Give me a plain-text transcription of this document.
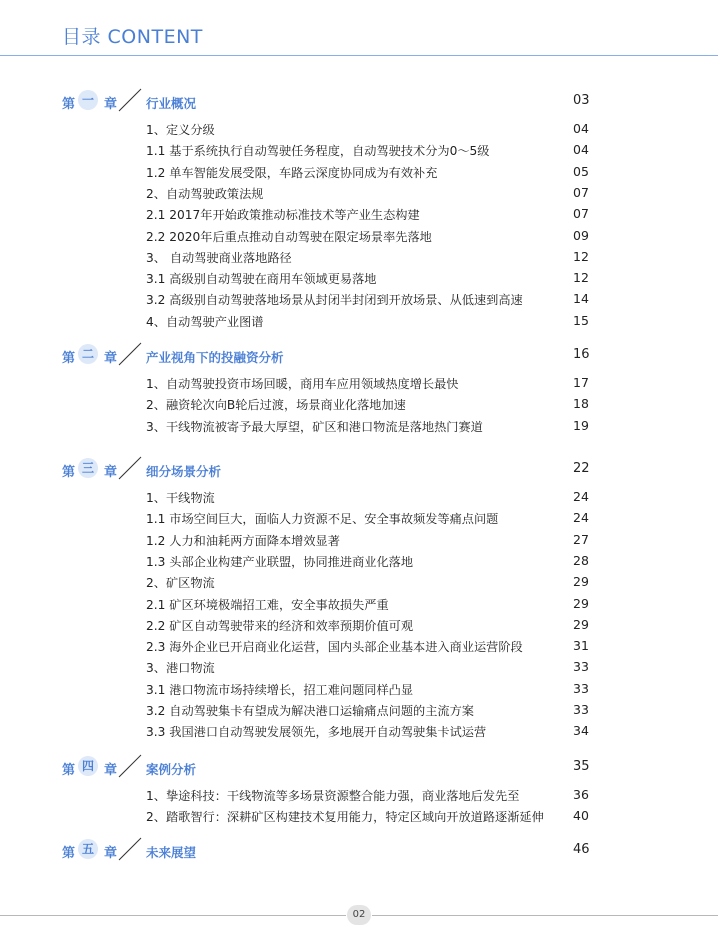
目录 CONTENT
第 一 章 行业概况	03
1、定义分级	04
1.1 基于系统执行自动驾驶任务程度，自动驾驶技术分为0～5级	04
1.2 单车智能发展受限，车路云深度协同成为有效补充	05
2、自动驾驶政策法规	07
2.1 2017年开始政策推动标准技术等产业生态构建	07
2.2 2020年后重点推动自动驾驶在限定场景率先落地	09
3、 自动驾驶商业落地路径	12
3.1 高级别自动驾驶在商用车领域更易落地	12
3.2 高级别自动驾驶落地场景从封闭半封闭到开放场景、从低速到高速	14
4、自动驾驶产业图谱	15
第 二 章 产业视角下的投融资分析	16
1、自动驾驶投资市场回暖，商用车应用领域热度增长最快	17
2、融资轮次向B轮后过渡，场景商业化落地加速	18
3、干线物流被寄予最大厚望，矿区和港口物流是落地热门赛道	19
第 三 章 细分场景分析	22
1、干线物流	24
1.1 市场空间巨大，面临人力资源不足、安全事故频发等痛点问题	24
1.2 人力和油耗两方面降本增效显著	27
1.3 头部企业构建产业联盟，协同推进商业化落地	28
2、矿区物流	29
2.1 矿区环境极端招工难，安全事故损失严重	29
2.2 矿区自动驾驶带来的经济和效率预期价值可观	29
2.3 海外企业已开启商业化运营，国内头部企业基本进入商业运营阶段	31
3、港口物流	33
3.1 港口物流市场持续增长，招工难问题同样凸显	33
3.2 自动驾驶集卡有望成为解决港口运输痛点问题的主流方案	33
3.3 我国港口自动驾驶发展领先，多地展开自动驾驶集卡试运营	34
第 四 章 案例分析	35
1、挚途科技：干线物流等多场景资源整合能力强，商业落地后发先至	36
2、踏歌智行：深耕矿区构建技术复用能力，特定区域向开放道路逐渐延伸 40
第 五 章 未来展望	46
02
